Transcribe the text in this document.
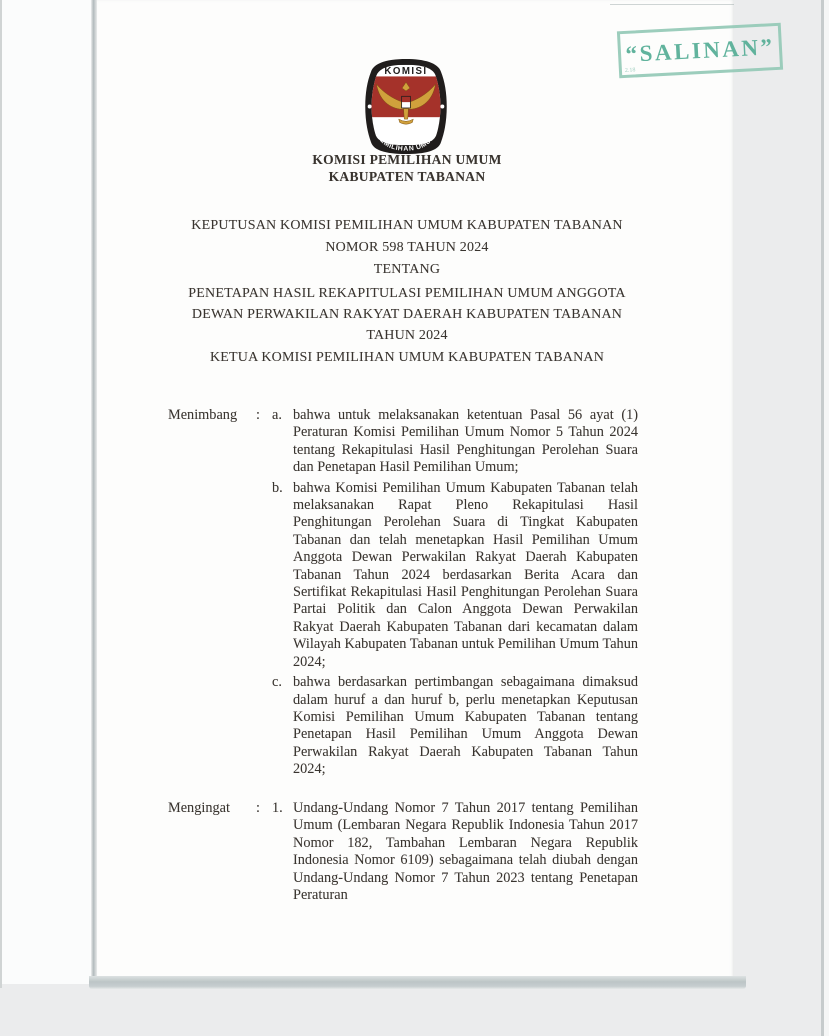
“SALINAN”
2.18
KOMISI
PEMILIHAN UMUM
KOMISI PEMILIHAN UMUM
KABUPATEN TABANAN
KEPUTUSAN KOMISI PEMILIHAN UMUM KABUPATEN TABANAN
NOMOR 598 TAHUN 2024
TENTANG
PENETAPAN HASIL REKAPITULASI PEMILIHAN UMUM ANGGOTA DEWAN PERWAKILAN RAKYAT DAERAH KABUPATEN TABANAN TAHUN 2024
KETUA KOMISI PEMILIHAN UMUM KABUPATEN TABANAN
Menimbang : a. bahwa untuk melaksanakan ketentuan Pasal 56 ayat (1) Peraturan Komisi Pemilihan Umum Nomor 5 Tahun 2024 tentang Rekapitulasi Hasil Penghitungan Perolehan Suara dan Penetapan Hasil Pemilihan Umum;
b. bahwa Komisi Pemilihan Umum Kabupaten Tabanan telah melaksanakan Rapat Pleno Rekapitulasi Hasil Penghitungan Perolehan Suara di Tingkat Kabupaten Tabanan dan telah menetapkan Hasil Pemilihan Umum Anggota Dewan Perwakilan Rakyat Daerah Kabupaten Tabanan Tahun 2024 berdasarkan Berita Acara dan Sertifikat Rekapitulasi Hasil Penghitungan Perolehan Suara Partai Politik dan Calon Anggota Dewan Perwakilan Rakyat Daerah Kabupaten Tabanan dari kecamatan dalam Wilayah Kabupaten Tabanan untuk Pemilihan Umum Tahun 2024;
c. bahwa berdasarkan pertimbangan sebagaimana dimaksud dalam huruf a dan huruf b, perlu menetapkan Keputusan Komisi Pemilihan Umum Kabupaten Tabanan tentang Penetapan Hasil Pemilihan Umum Anggota Dewan Perwakilan Rakyat Daerah Kabupaten Tabanan Tahun 2024;
Mengingat : 1. Undang-Undang Nomor 7 Tahun 2017 tentang Pemilihan Umum (Lembaran Negara Republik Indonesia Tahun 2017 Nomor 182, Tambahan Lembaran Negara Republik Indonesia Nomor 6109) sebagaimana telah diubah dengan Undang-Undang Nomor 7 Tahun 2023 tentang Penetapan Peraturan
